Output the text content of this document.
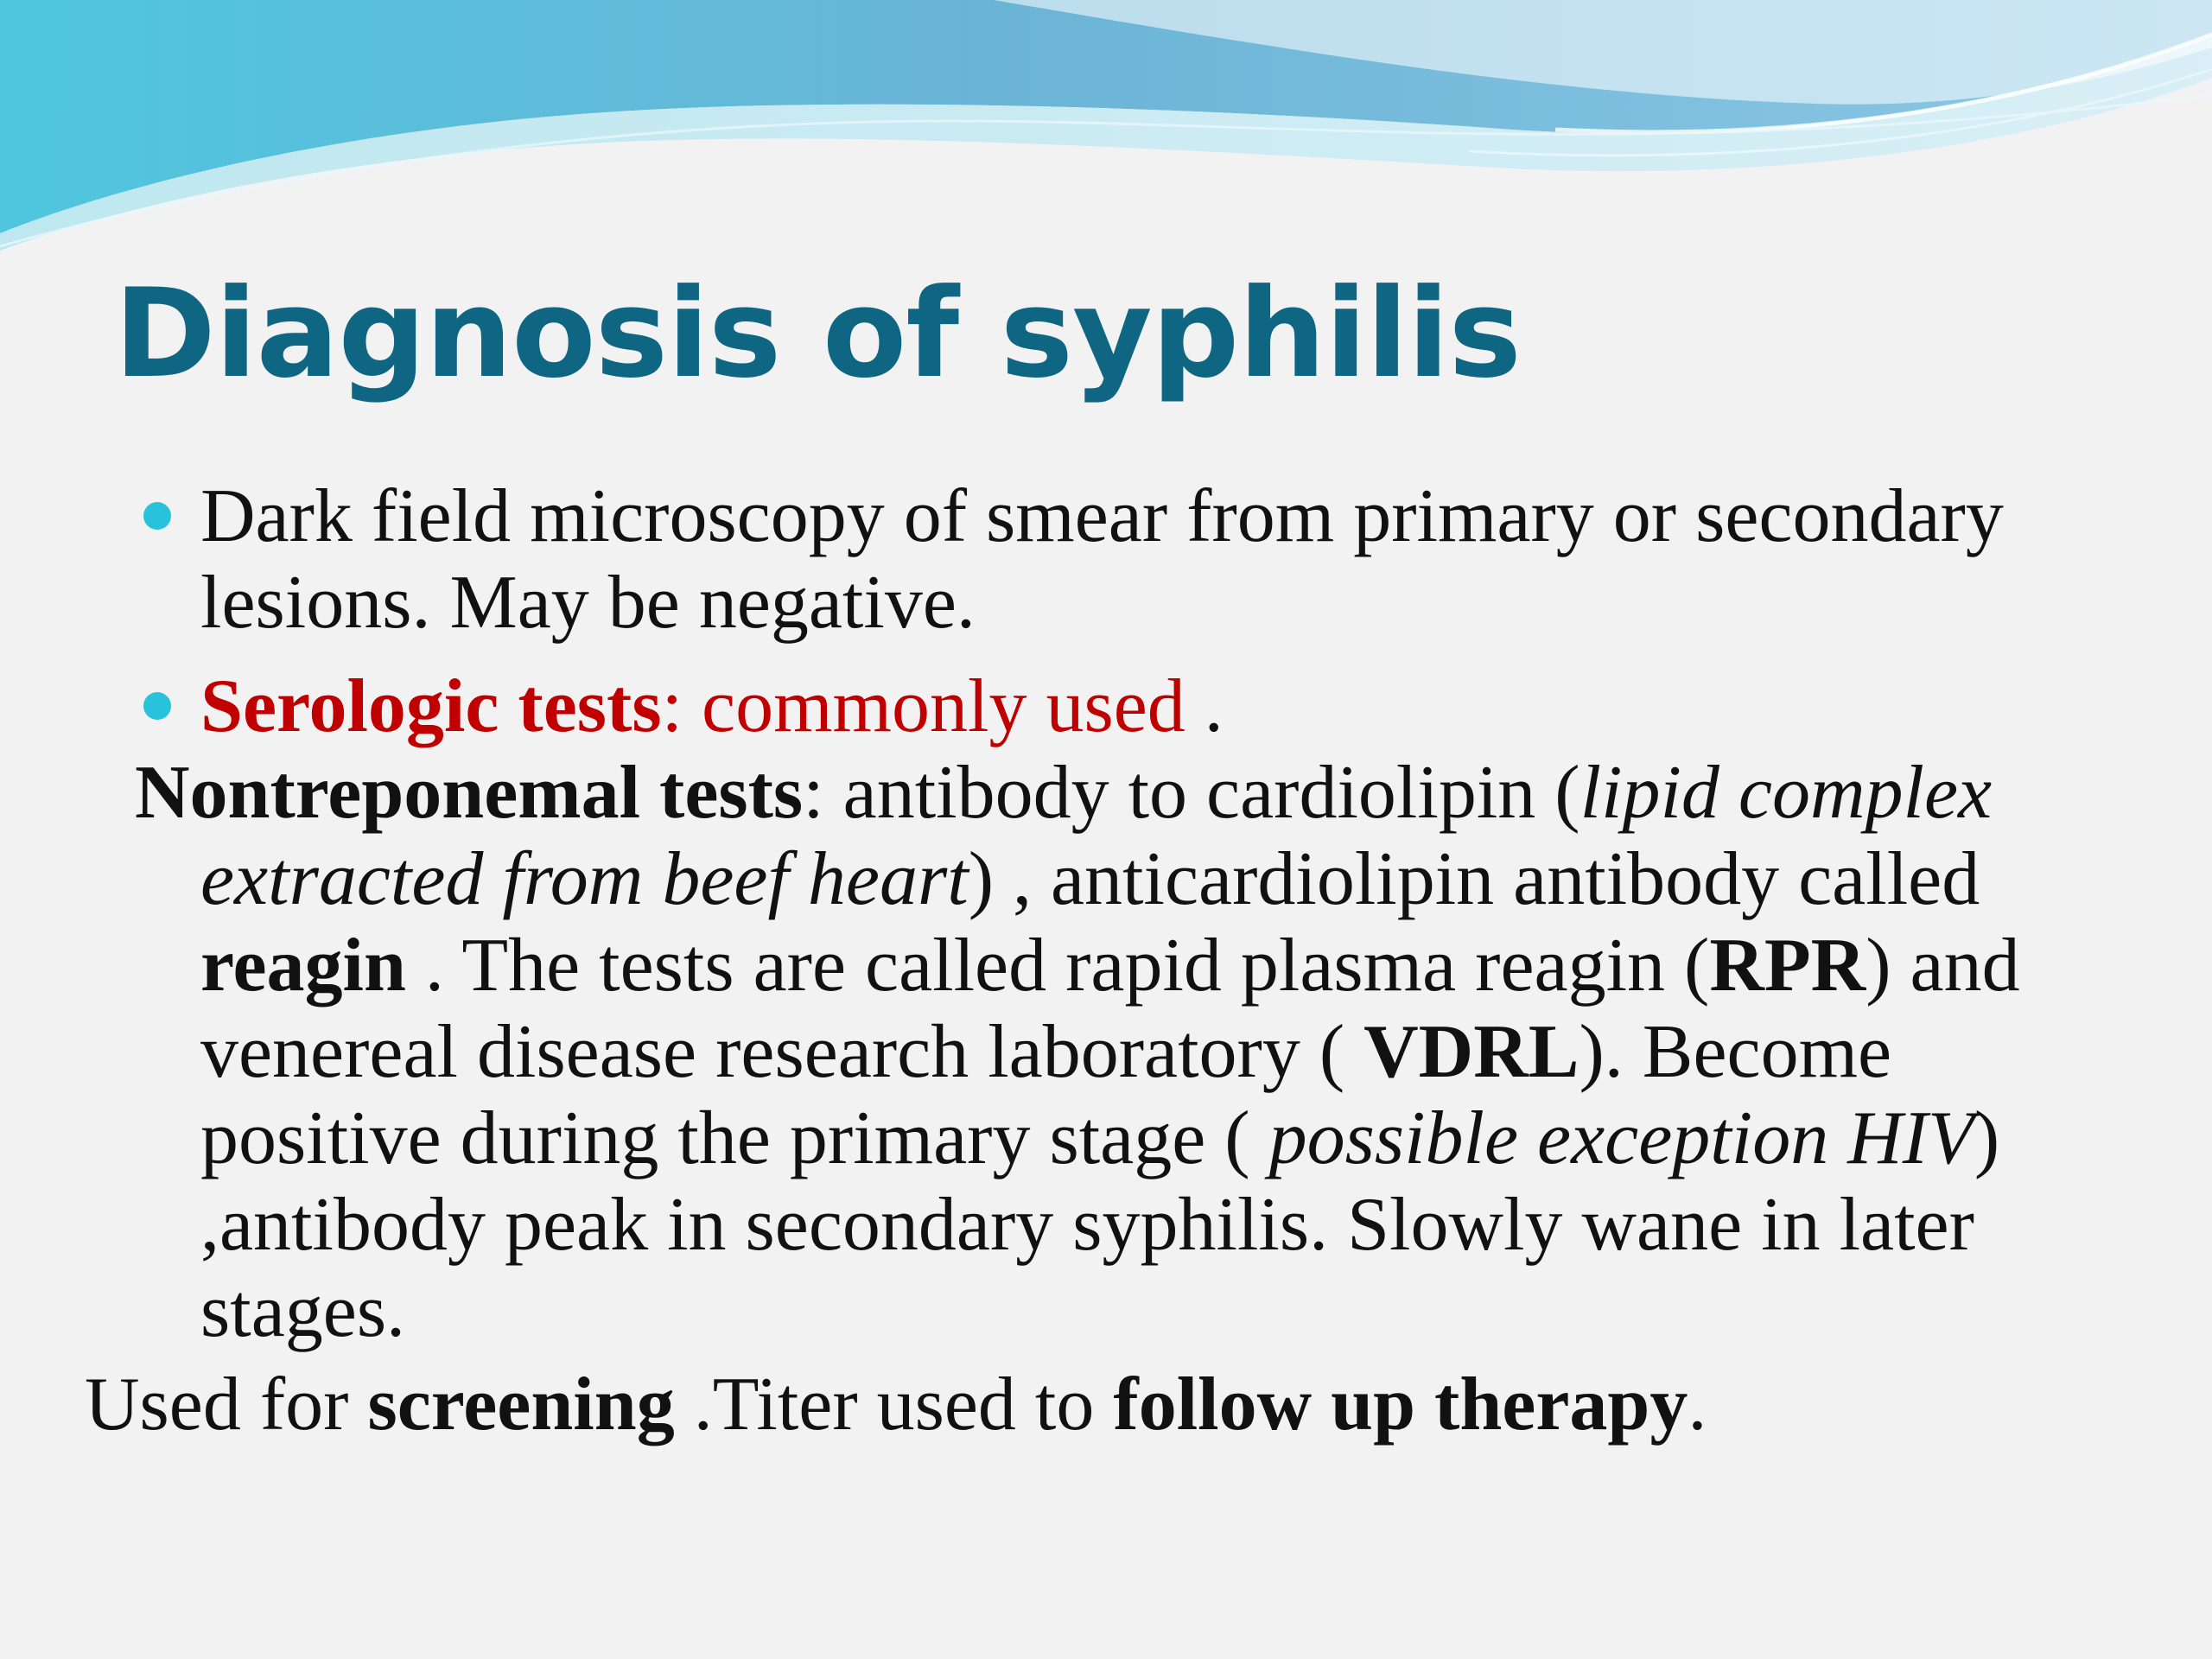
Diagnosis of syphilis
Dark field microscopy of smear from primary or secondary lesions. May be negative.
Serologic tests: commonly used .

Nontreponemal tests: antibody to cardiolipin (lipid complex extracted from beef heart) , anticardiolipin antibody called reagin . The tests are called rapid plasma reagin (RPR) and venereal disease research laboratory ( VDRL). Become positive during the primary stage ( possible exception HIV) ,antibody peak in secondary syphilis. Slowly wane in later stages.

Used for screening .Titer used to follow up therapy.
